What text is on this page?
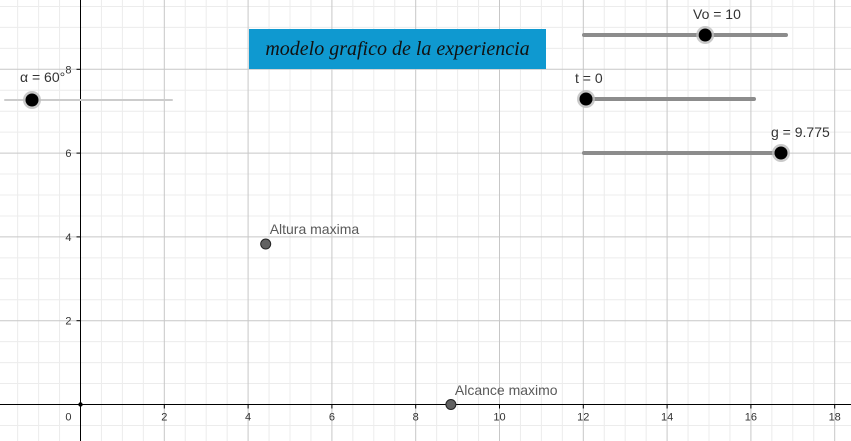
2	4	6	8	10	12	14	16	18
2
4
6
8
0
modelo grafico de la experiencia
Altura maxima
Alcance maximo
α = 60°
Vo = 10
t = 0
g = 9.775
